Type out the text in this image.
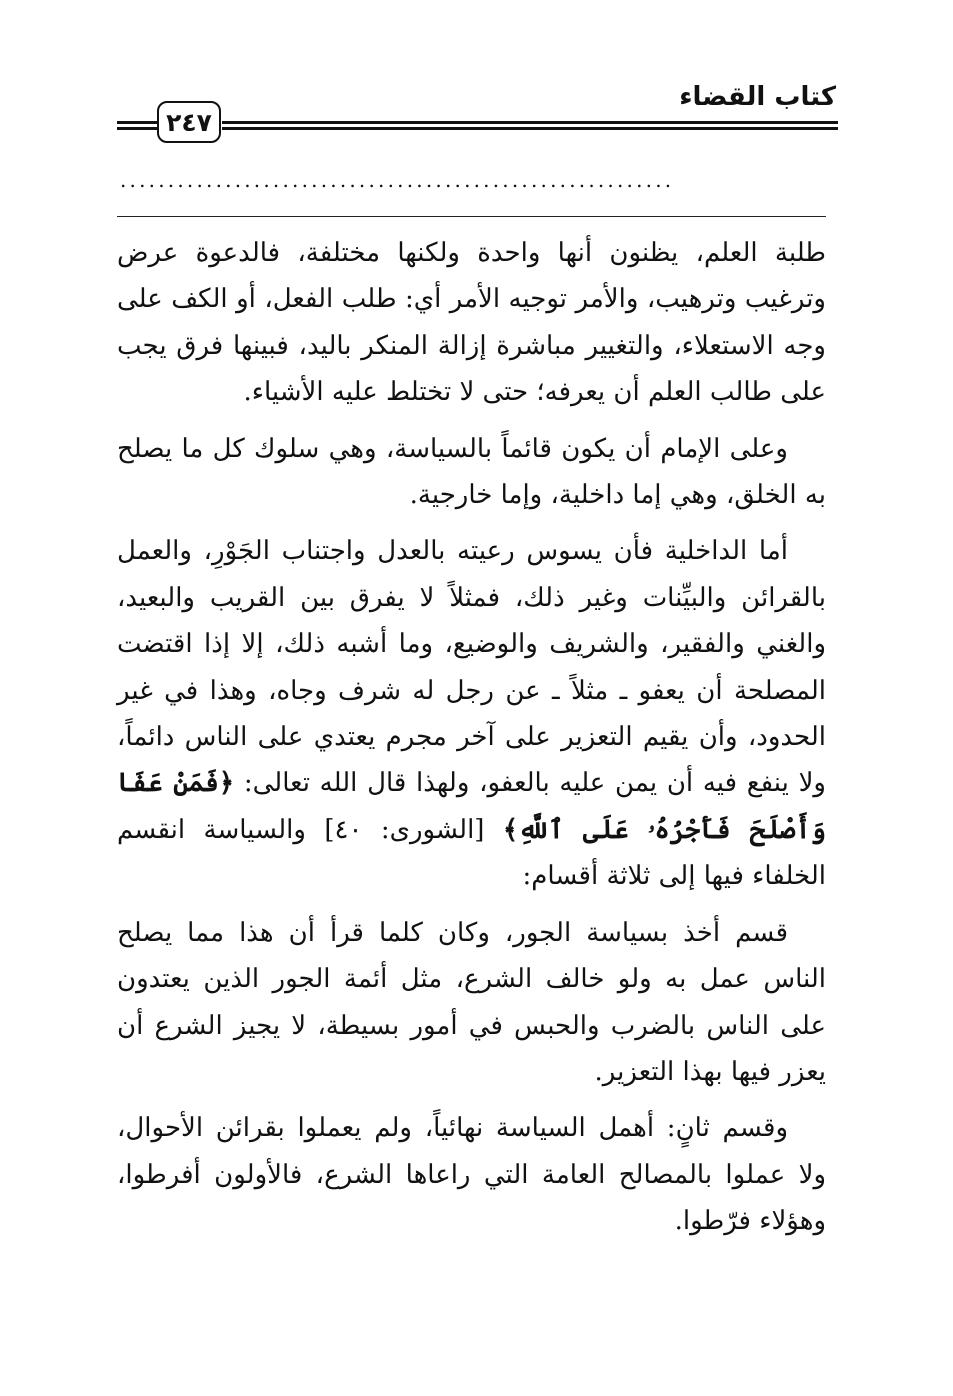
كتاب القضاء
٢٤٧
..........................................................

طلبة العلم، يظنون أنها واحدة ولكنها مختلفة، فالدعوة عرض وترغيب وترهيب، والأمر توجيه الأمر أي: طلب الفعل، أو الكف على وجه الاستعلاء، والتغيير مباشرة إزالة المنكر باليد، فبينها فرق يجب على طالب العلم أن يعرفه؛ حتى لا تختلط عليه الأشياء.

وعلى الإمام أن يكون قائماً بالسياسة، وهي سلوك كل ما يصلح به الخلق، وهي إما داخلية، وإما خارجية.

أما الداخلية فأن يسوس رعيته بالعدل واجتناب الجَوْرِ، والعمل بالقرائن والبيِّنات وغير ذلك، فمثلاً لا يفرق بين القريب والبعيد، والغني والفقير، والشريف والوضيع، وما أشبه ذلك، إلا إذا اقتضت المصلحة أن يعفو ـ مثلاً ـ عن رجل له شرف وجاه، وهذا في غير الحدود، وأن يقيم التعزير على آخر مجرم يعتدي على الناس دائماً، ولا ينفع فيه أن يمن عليه بالعفو، ولهذا قال الله تعالى: ﴿فَمَنْ عَفَا وَأَصْلَحَ فَأَجْرُهُۥ عَلَى ٱللَّهِ﴾ [الشورى: ٤٠] والسياسة انقسم الخلفاء فيها إلى ثلاثة أقسام:

قسم أخذ بسياسة الجور، وكان كلما قرأ أن هذا مما يصلح الناس عمل به ولو خالف الشرع، مثل أئمة الجور الذين يعتدون على الناس بالضرب والحبس في أمور بسيطة، لا يجيز الشرع أن يعزر فيها بهذا التعزير.

وقسم ثانٍ: أهمل السياسة نهائياً، ولم يعملوا بقرائن الأحوال، ولا عملوا بالمصالح العامة التي راعاها الشرع، فالأولون أفرطوا، وهؤلاء فرّطوا.
